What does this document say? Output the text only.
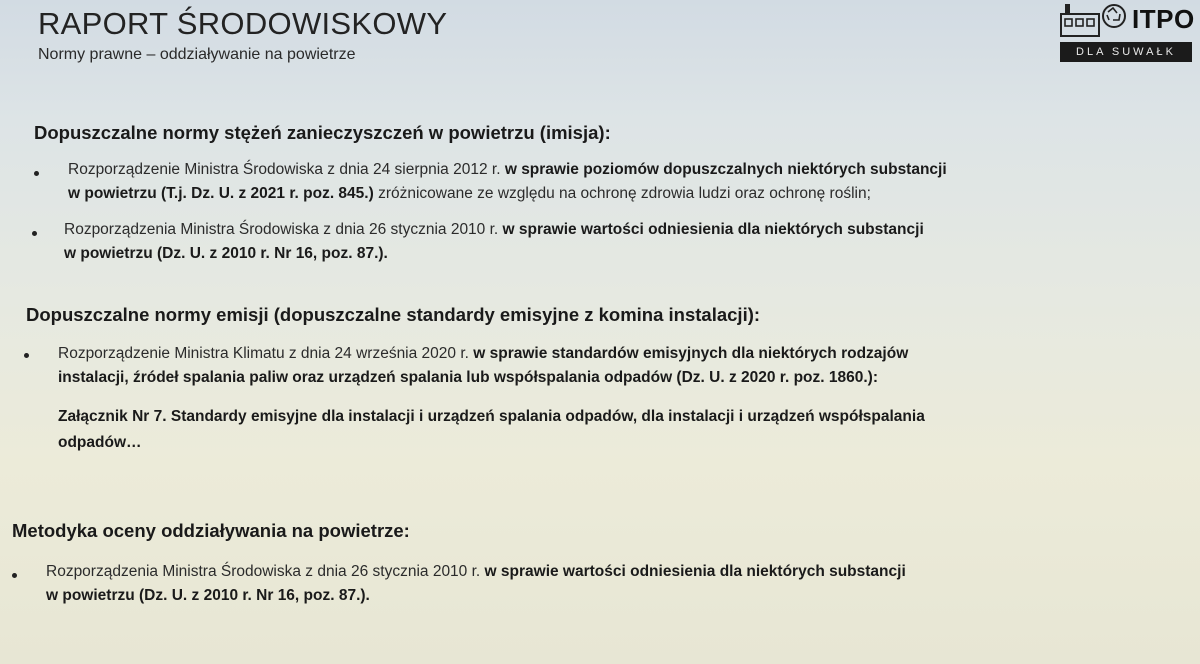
RAPORT ŚRODOWISKOWY
Normy prawne – oddziaływanie na powietrze
ITPO
DLA SUWAŁK
Dopuszczalne normy stężeń zanieczyszczeń w powietrzu (imisja):
Rozporządzenie Ministra Środowiska z dnia 24 sierpnia 2012 r. w sprawie poziomów dopuszczalnych niektórych substancji
w powietrzu (T.j. Dz. U. z 2021 r. poz. 845.) zróżnicowane ze względu na ochronę zdrowia ludzi oraz ochronę roślin;
Rozporządzenia Ministra Środowiska z dnia 26 stycznia 2010 r. w sprawie wartości odniesienia dla niektórych substancji
w powietrzu (Dz. U. z 2010 r. Nr 16, poz. 87.).
Dopuszczalne normy emisji (dopuszczalne standardy emisyjne z komina instalacji):
Rozporządzenie Ministra Klimatu z dnia 24 września 2020 r. w sprawie standardów emisyjnych dla niektórych rodzajów
instalacji, źródeł spalania paliw oraz urządzeń spalania lub współspalania odpadów (Dz. U. z 2020 r. poz. 1860.):
Załącznik Nr 7. Standardy emisyjne dla instalacji i urządzeń spalania odpadów, dla instalacji i urządzeń współspalania
odpadów…
Metodyka oceny oddziaływania na powietrze:
Rozporządzenia Ministra Środowiska z dnia 26 stycznia 2010 r. w sprawie wartości odniesienia dla niektórych substancji
w powietrzu (Dz. U. z 2010 r. Nr 16, poz. 87.).
